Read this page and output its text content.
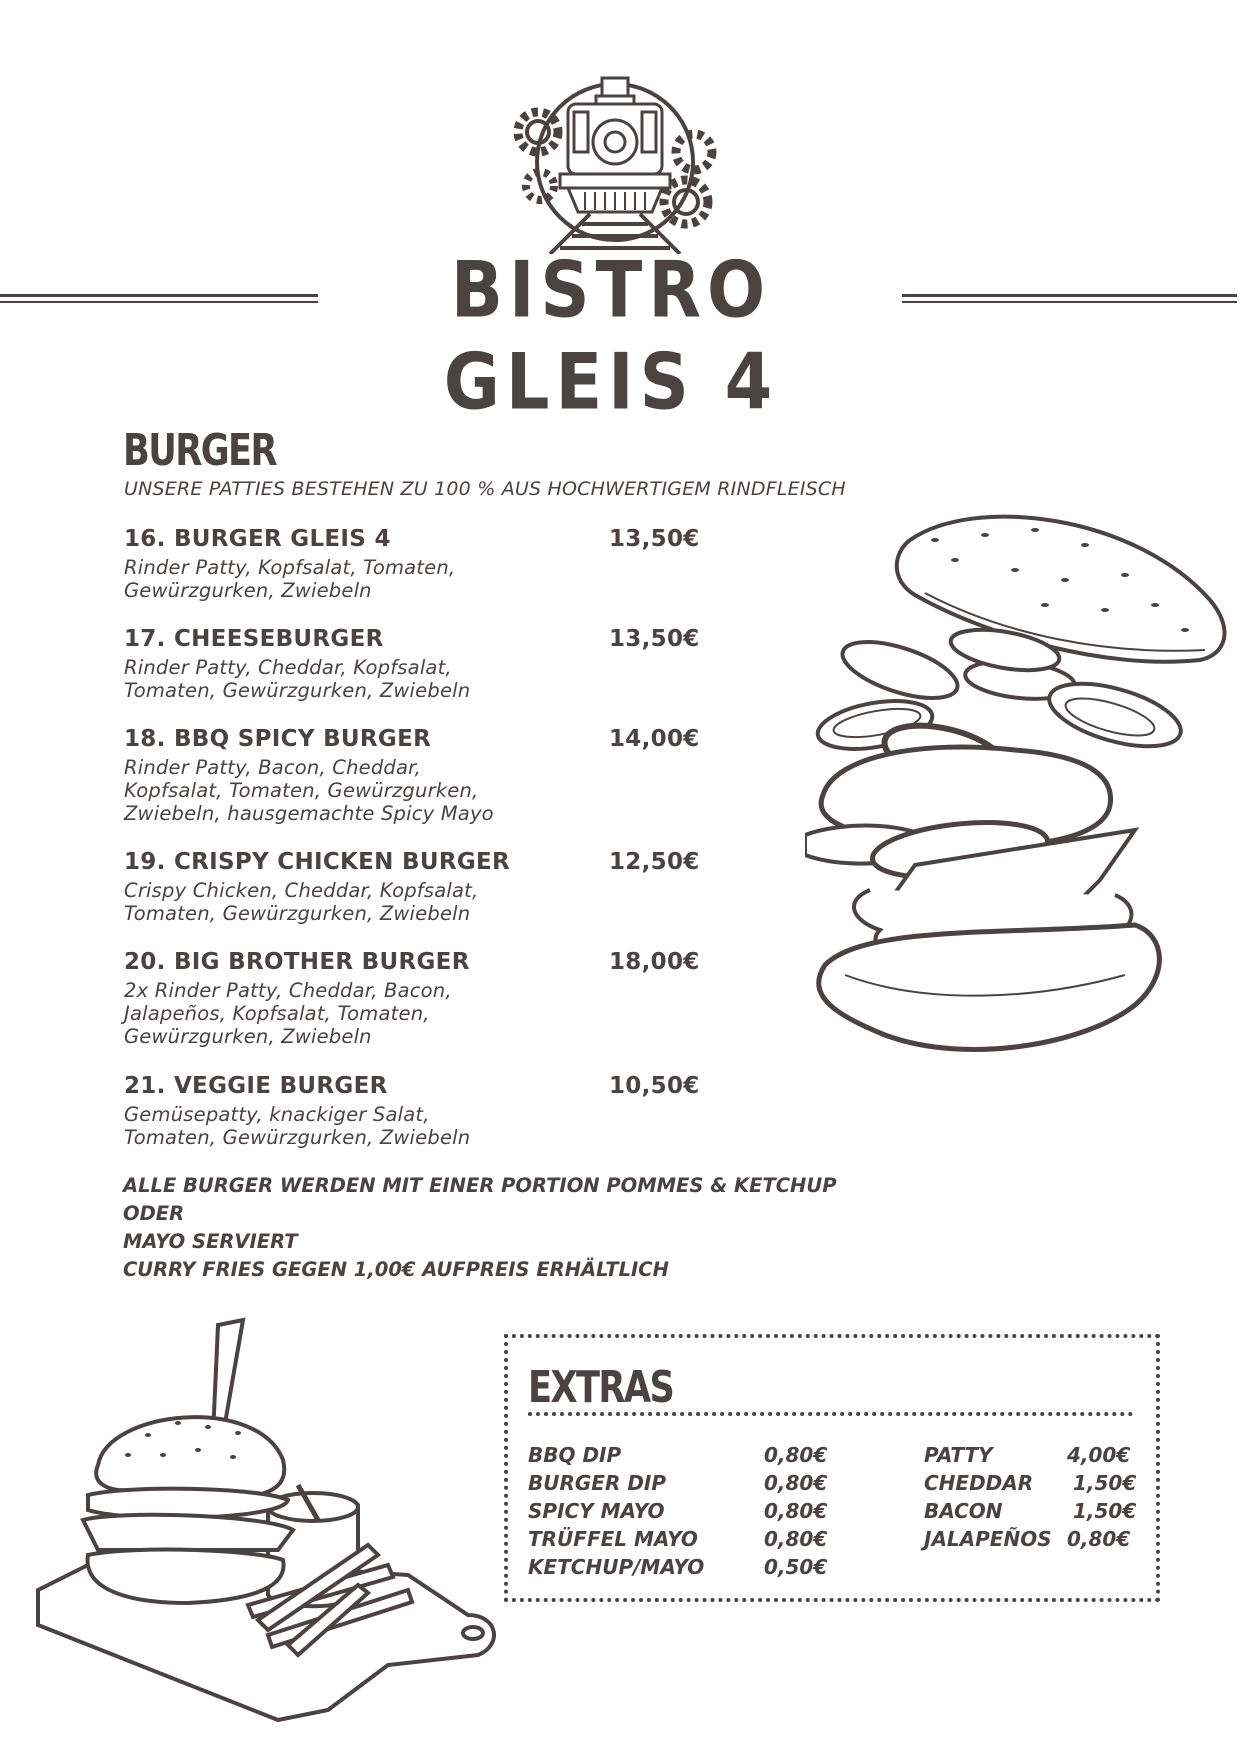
BISTRO GLEIS 4
BURGER
UNSERE PATTIES BESTEHEN ZU 100 % AUS HOCHWERTIGEM RINDFLEISCH
16. BURGER GLEIS 4	13,50€
Rinder Patty, Kopfsalat, Tomaten,
Gewürzgurken, Zwiebeln
17. CHEESEBURGER	13,50€
Rinder Patty, Cheddar, Kopfsalat,
Tomaten, Gewürzgurken, Zwiebeln
18. BBQ SPICY BURGER	14,00€
Rinder Patty, Bacon, Cheddar,
Kopfsalat, Tomaten, Gewürzgurken,
Zwiebeln, hausgemachte Spicy Mayo
19. CRISPY CHICKEN BURGER	12,50€
Crispy Chicken, Cheddar, Kopfsalat,
Tomaten, Gewürzgurken, Zwiebeln
20. BIG BROTHER BURGER	18,00€
2x Rinder Patty, Cheddar, Bacon,
Jalapeños, Kopfsalat, Tomaten,
Gewürzgurken, Zwiebeln
21. VEGGIE BURGER	10,50€
Gemüsepatty, knackiger Salat,
Tomaten, Gewürzgurken, Zwiebeln
ALLE BURGER WERDEN MIT EINER PORTION POMMES & KETCHUP ODER
MAYO SERVIERT
CURRY FRIES GEGEN 1,00€ AUFPREIS ERHÄLTLICH
EXTRAS
BBQ DIP	0,80€
BURGER DIP	0,80€
SPICY MAYO	0,80€
TRÜFFEL MAYO	0,80€
KETCHUP/MAYO	0,50€
PATTY	4,00€
CHEDDAR 1,50€
BACON	1,50€
JALAPEÑOS 0,80€
